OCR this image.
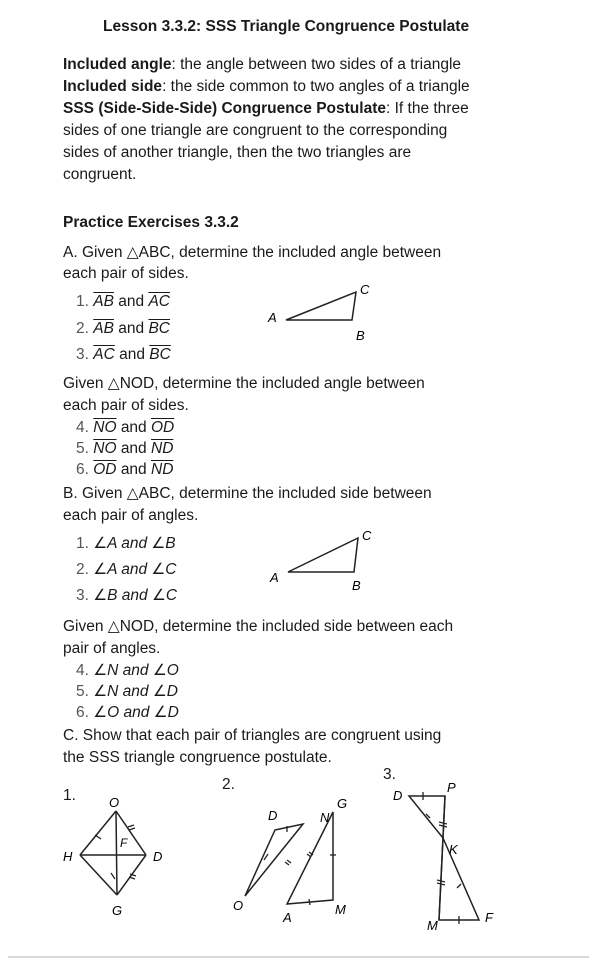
Lesson 3.3.2: SSS Triangle Congruence Postulate
Included angle: the angle between two sides of a triangle
Included side: the side common to two angles of a triangle
SSS (Side-Side-Side) Congruence Postulate: If the three
sides of one triangle are congruent to the corresponding
sides of another triangle, then the two triangles are
congruent.
Practice Exercises 3.3.2
A. Given △ABC, determine the included angle between
each pair of sides.
1. $\overline{AB}$ and $\overline{AC}$
2. $\overline{AB}$ and $\overline{BC}$
3. $\overline{AC}$ and $\overline{BC}$
A
C
B
Given △NOD, determine the included angle between
each pair of sides.
4. $\overline{NO}$ and $\overline{OD}$
5. $\overline{NO}$ and $\overline{ND}$
6. $\overline{OD}$ and $\overline{ND}$
B. Given △ABC, determine the included side between
each pair of angles.
1. ∠A and ∠B
2. ∠A and ∠C
3. ∠B and ∠C
A
C
B
Given △NOD, determine the included side between each
pair of angles.
4. ∠N and ∠O
5. ∠N and ∠D
6. ∠O and ∠D
C. Show that each pair of triangles are congruent using
the SSS triangle congruence postulate.
3.
2.
1.	O
F
H	D
G
D	N
G
O
A
M
D
P
K
M
F
